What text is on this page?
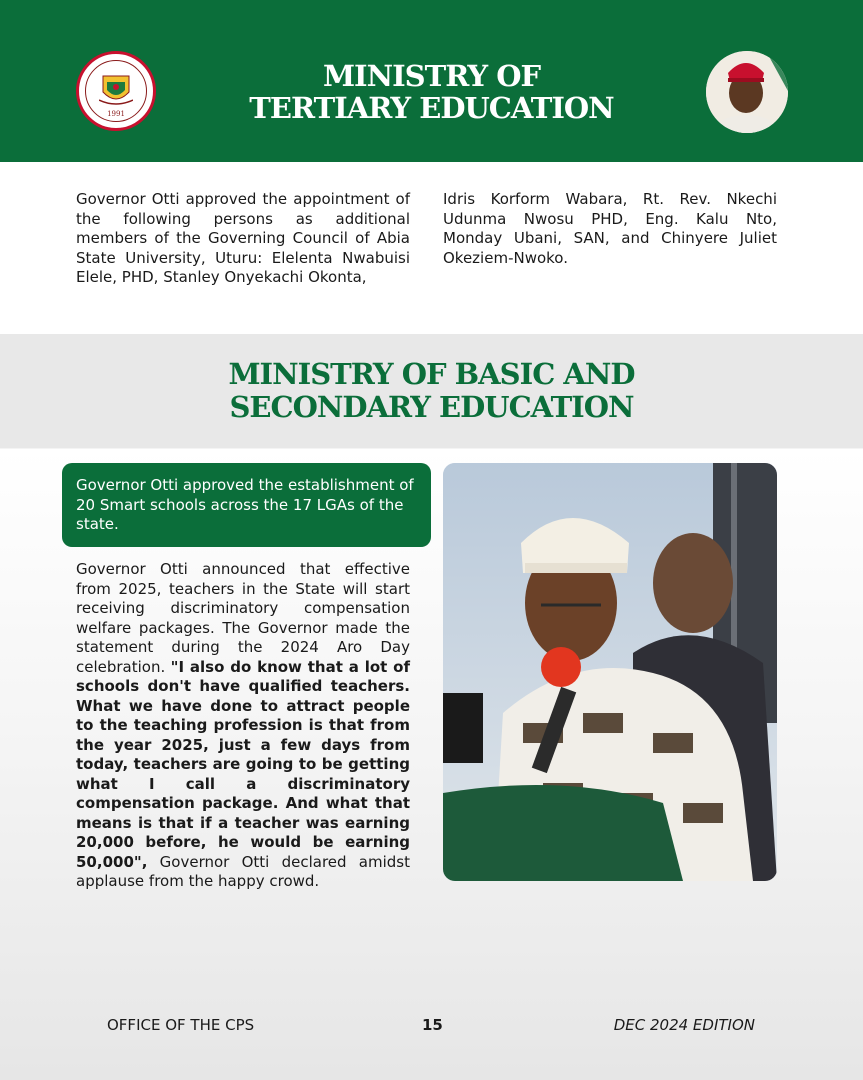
1991
MINISTRY OF
TERTIARY EDUCATION
Governor Otti approved the appointment of the following persons as additional members of the Governing Council of Abia State University, Uturu: Elelenta Nwabuisi Elele, PHD, Stanley Onyekachi Okonta,
Idris Korform Wabara, Rt. Rev. Nkechi Udunma Nwosu PHD, Eng. Kalu Nto, Monday Ubani, SAN, and Chinyere Juliet Okeziem-Nwoko.
MINISTRY OF BASIC AND
SECONDARY EDUCATION
Governor Otti approved the establishment of 20 Smart schools across the 17 LGAs of the state.
Governor Otti announced that effective from 2025, teachers in the State will start receiving discriminatory compensation welfare packages. The Governor made the statement during the 2024 Aro Day celebration. "I also do know that a lot of schools don't have qualified teachers. What we have done to attract people to the teaching profession is that from the year 2025, just a few days from today, teachers are going to be getting what I call a discriminatory compensation package. And what that means is that if a teacher was earning 20,000 before, he would be earning 50,000", Governor Otti declared amidst applause from the happy crowd.
OFFICE OF THE CPS	15	DEC 2024 EDITION
